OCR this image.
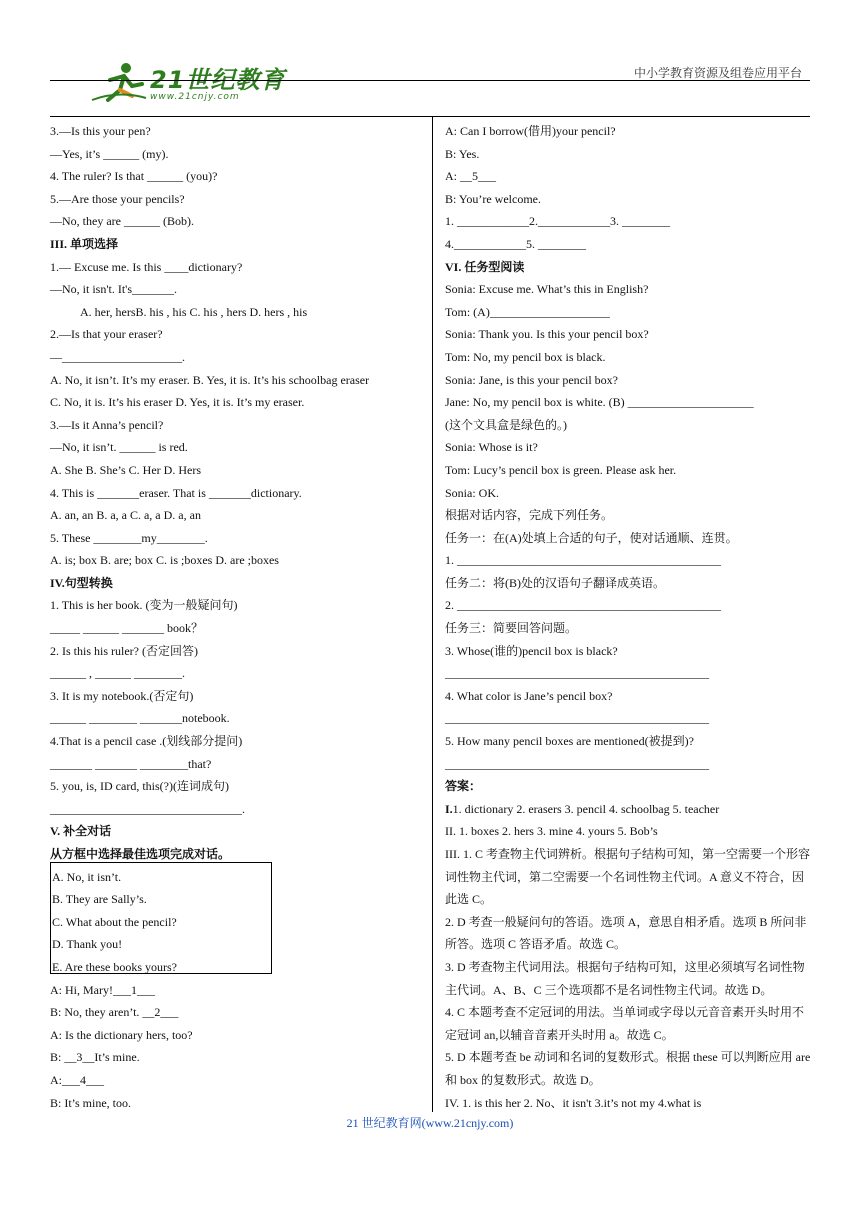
21世纪教育
www.21cnjy.com
中小学教育资源及组卷应用平台
3.—Is this your pen?
—Yes, it’s ______ (my).
4. The ruler? Is that ______ (you)?
5.—Are those your pencils?
—No, they are ______ (Bob).
III. 单项选择
1.— Excuse me. Is this ____dictionary?
—No, it isn't. It's_______.
A. her, hersB. his , his C. his , hers D. hers , his
2.—Is that your eraser?
—____________________.
A. No, it isn’t. It’s my eraser. B. Yes, it is. It’s his schoolbag eraser
C. No, it is. It’s his eraser D. Yes, it is. It’s my eraser.
3.—Is it Anna’s pencil?
—No, it isn’t. ______ is red.
A. She B. She’s C. Her D. Hers
4. This is _______eraser. That is _______dictionary.
A. an, an B. a, a C. a, a D. a, an
5. These ________my________.
A. is; box B. are; box C. is ;boxes D. are ;boxes
IV.句型转换
1. This is her book. (变为一般疑问句)
_____ ______ _______ book？
2. Is this his ruler? (否定回答)
______ , ______ ________.
3. It is my notebook.(否定句)
______ ________ _______notebook.
4.That is a pencil case .(划线部分提问)
_______ _______ ________that?
5. you, is, ID card, this(?)(连词成句)
________________________________.
V. 补全对话
从方框中选择最佳选项完成对话。
A. No, it isn’t.
B. They are Sally’s.
C. What about the pencil?
D. Thank you!
E. Are these books yours?
A: Hi, Mary!___1___
B: No, they aren’t. __2___
A: Is the dictionary hers, too?
B: __3__It’s mine.
A:___4___
B: It’s mine, too.
A: Can I borrow(借用)your pencil?
B: Yes.
A: __5___
B: You’re welcome.
1. ____________2.____________3. ________
4.____________5. ________
VI. 任务型阅读
Sonia: Excuse me. What’s this in English?
Tom: (A)____________________
Sonia: Thank you. Is this your pencil box?
Tom: No, my pencil box is black.
Sonia: Jane, is this your pencil box?
Jane: No, my pencil box is white. (B) _____________________
(这个文具盒是绿色的。)
Sonia: Whose is it?
Tom: Lucy’s pencil box is green. Please ask her.
Sonia: OK.
根据对话内容，完成下列任务。
任务一：在(A)处填上合适的句子，使对话通顺、连贯。
1. ____________________________________________
任务二：将(B)处的汉语句子翻译成英语。
2. ____________________________________________
任务三：简要回答问题。
3. Whose(谁的)pencil box is black?
____________________________________________
4. What color is Jane’s pencil box?
____________________________________________
5. How many pencil boxes are mentioned(被提到)?
____________________________________________
答案：
I.1. dictionary 2. erasers 3. pencil 4. schoolbag 5. teacher
II. 1. boxes 2. hers 3. mine 4. yours 5. Bob’s
III. 1. C 考查物主代词辨析。根据句子结构可知，第一空需要一个形容词性物主代词，第二空需要一个名词性物主代词。A 意义不符合，因此选 C。
2. D 考查一般疑问句的答语。选项 A，意思自相矛盾。选项 B 所问非所答。选项 C 答语矛盾。故选 C。
3. D 考查物主代词用法。根据句子结构可知，这里必须填写名词性物主代词。A、B、C 三个选项都不是名词性物主代词。故选 D。
4. C 本题考查不定冠词的用法。当单词或字母以元音音素开头时用不定冠词 an,以辅音音素开头时用 a。故选 C。
5. D 本题考查 be 动词和名词的复数形式。根据 these 可以判断应用 are 和 box 的复数形式。故选 D。
IV. 1. is this her 2. No、it isn't 3.it’s not my 4.what is
21 世纪教育网(www.21cnjy.com)
